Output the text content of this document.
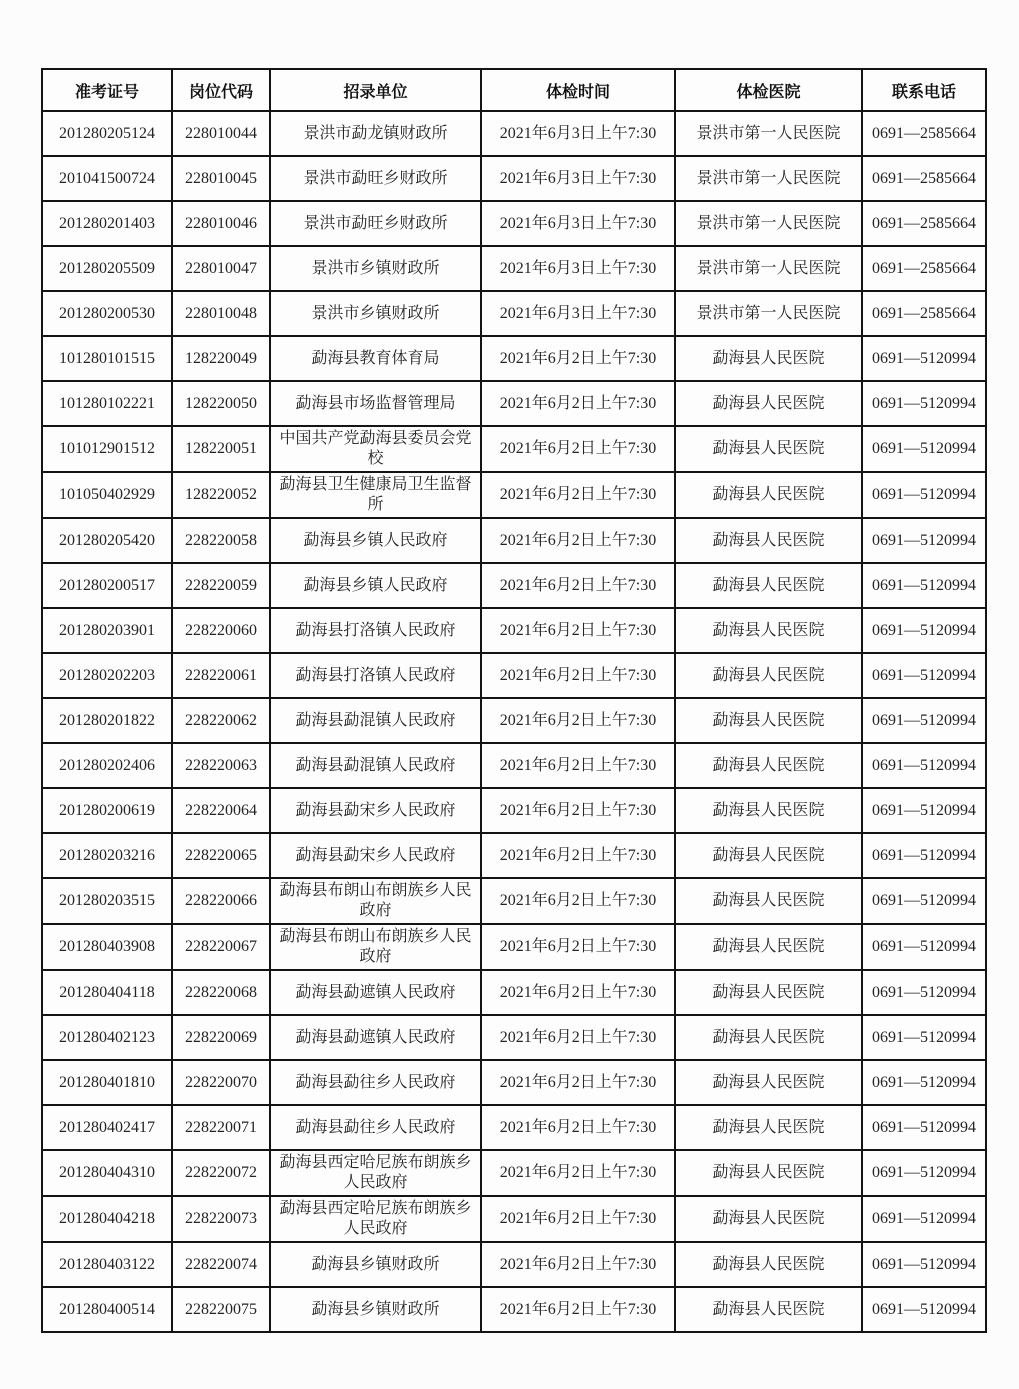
准考证号	岗位代码	招录单位	体检时间	体检医院	联系电话
201280205124	228010044	景洪市勐龙镇财政所	2021年6月3日上午7:30	景洪市第一人民医院	0691—2585664
201041500724	228010045	景洪市勐旺乡财政所	2021年6月3日上午7:30	景洪市第一人民医院	0691—2585664
201280201403	228010046	景洪市勐旺乡财政所	2021年6月3日上午7:30	景洪市第一人民医院	0691—2585664
201280205509	228010047	景洪市乡镇财政所	2021年6月3日上午7:30	景洪市第一人民医院	0691—2585664
201280200530	228010048	景洪市乡镇财政所	2021年6月3日上午7:30	景洪市第一人民医院	0691—2585664
101280101515	128220049	勐海县教育体育局	2021年6月2日上午7:30	勐海县人民医院	0691—5120994
101280102221	128220050	勐海县市场监督管理局	2021年6月2日上午7:30	勐海县人民医院	0691—5120994
101012901512	128220051	中国共产党勐海县委员会党校	2021年6月2日上午7:30	勐海县人民医院	0691—5120994
101050402929	128220052	勐海县卫生健康局卫生监督所	2021年6月2日上午7:30	勐海县人民医院	0691—5120994
201280205420	228220058	勐海县乡镇人民政府	2021年6月2日上午7:30	勐海县人民医院	0691—5120994
201280200517	228220059	勐海县乡镇人民政府	2021年6月2日上午7:30	勐海县人民医院	0691—5120994
201280203901	228220060	勐海县打洛镇人民政府	2021年6月2日上午7:30	勐海县人民医院	0691—5120994
201280202203	228220061	勐海县打洛镇人民政府	2021年6月2日上午7:30	勐海县人民医院	0691—5120994
201280201822	228220062	勐海县勐混镇人民政府	2021年6月2日上午7:30	勐海县人民医院	0691—5120994
201280202406	228220063	勐海县勐混镇人民政府	2021年6月2日上午7:30	勐海县人民医院	0691—5120994
201280200619	228220064	勐海县勐宋乡人民政府	2021年6月2日上午7:30	勐海县人民医院	0691—5120994
201280203216	228220065	勐海县勐宋乡人民政府	2021年6月2日上午7:30	勐海县人民医院	0691—5120994
201280203515	228220066	勐海县布朗山布朗族乡人民政府	2021年6月2日上午7:30	勐海县人民医院	0691—5120994
201280403908	228220067	勐海县布朗山布朗族乡人民政府	2021年6月2日上午7:30	勐海县人民医院	0691—5120994
201280404118	228220068	勐海县勐遮镇人民政府	2021年6月2日上午7:30	勐海县人民医院	0691—5120994
201280402123	228220069	勐海县勐遮镇人民政府	2021年6月2日上午7:30	勐海县人民医院	0691—5120994
201280401810	228220070	勐海县勐往乡人民政府	2021年6月2日上午7:30	勐海县人民医院	0691—5120994
201280402417	228220071	勐海县勐往乡人民政府	2021年6月2日上午7:30	勐海县人民医院	0691—5120994
201280404310	228220072	勐海县西定哈尼族布朗族乡人民政府	2021年6月2日上午7:30	勐海县人民医院	0691—5120994
201280404218	228220073	勐海县西定哈尼族布朗族乡人民政府	2021年6月2日上午7:30	勐海县人民医院	0691—5120994
201280403122	228220074	勐海县乡镇财政所	2021年6月2日上午7:30	勐海县人民医院	0691—5120994
201280400514	228220075	勐海县乡镇财政所	2021年6月2日上午7:30	勐海县人民医院	0691—5120994
